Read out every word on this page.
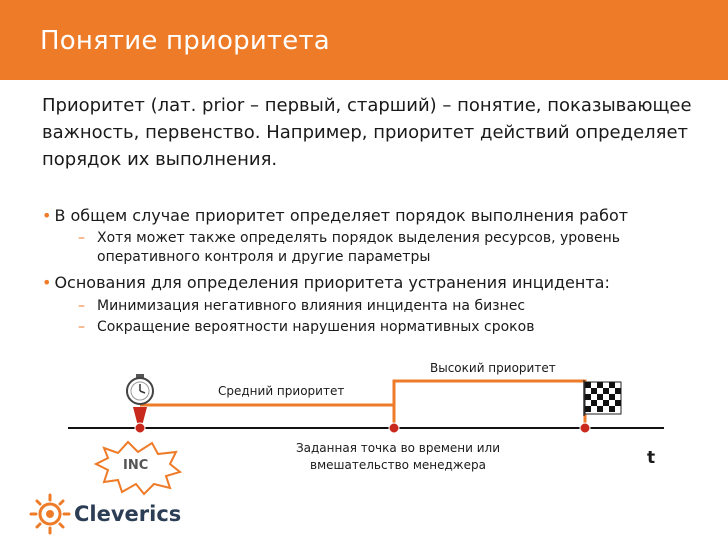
Понятие приоритета
Приоритет (лат. prior – первый, старший) – понятие, показывающее важность, первенство. Например, приоритет действий определяет порядок их выполнения.
• В общем случае приоритет определяет порядок выполнения работ
– Хотя может также определять порядок выделения ресурсов, уровень оперативного контроля и другие параметры
• Основания для определения приоритета устранения инцидента:
– Минимизация негативного влияния инцидента на бизнес
– Сокращение вероятности нарушения нормативных сроков
Высокий приоритет
Средний приоритет
Заданная точка во времени или
вмешательство менеджера
INC	t
Cleverics
